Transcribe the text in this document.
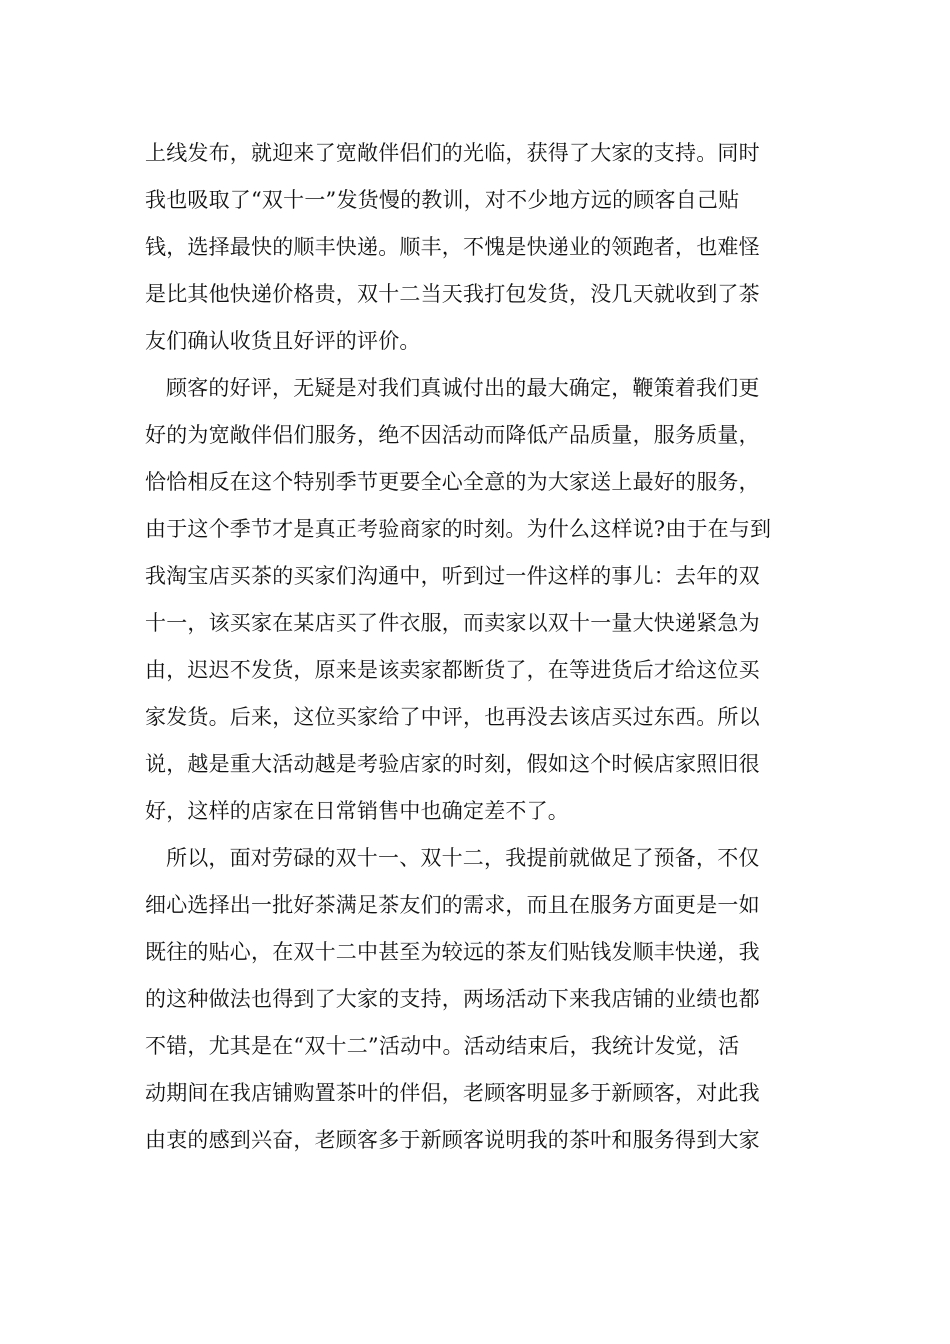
上线发布，就迎来了宽敞伴侣们的光临，获得了大家的支持。同时
我也吸取了“双十一”发货慢的教训，对不少地方远的顾客自己贴
钱，选择最快的顺丰快递。顺丰，不愧是快递业的领跑者，也难怪
是比其他快递价格贵，双十二当天我打包发货，没几天就收到了茶
友们确认收货且好评的评价。
顾客的好评，无疑是对我们真诚付出的最大确定，鞭策着我们更
好的为宽敞伴侣们服务，绝不因活动而降低产品质量，服务质量，
恰恰相反在这个特别季节更要全心全意的为大家送上最好的服务，
由于这个季节才是真正考验商家的时刻。为什么这样说?由于在与到
我淘宝店买茶的买家们沟通中，听到过一件这样的事儿：去年的双
十一，该买家在某店买了件衣服，而卖家以双十一量大快递紧急为
由，迟迟不发货，原来是该卖家都断货了，在等进货后才给这位买
家发货。后来，这位买家给了中评，也再没去该店买过东西。所以
说，越是重大活动越是考验店家的时刻，假如这个时候店家照旧很
好，这样的店家在日常销售中也确定差不了。
所以，面对劳碌的双十一、双十二，我提前就做足了预备，不仅
细心选择出一批好茶满足茶友们的需求，而且在服务方面更是一如
既往的贴心，在双十二中甚至为较远的茶友们贴钱发顺丰快递，我
的这种做法也得到了大家的支持，两场活动下来我店铺的业绩也都
不错，尤其是在“双十二”活动中。活动结束后，我统计发觉，活
动期间在我店铺购置茶叶的伴侣，老顾客明显多于新顾客，对此我
由衷的感到兴奋，老顾客多于新顾客说明我的茶叶和服务得到大家
